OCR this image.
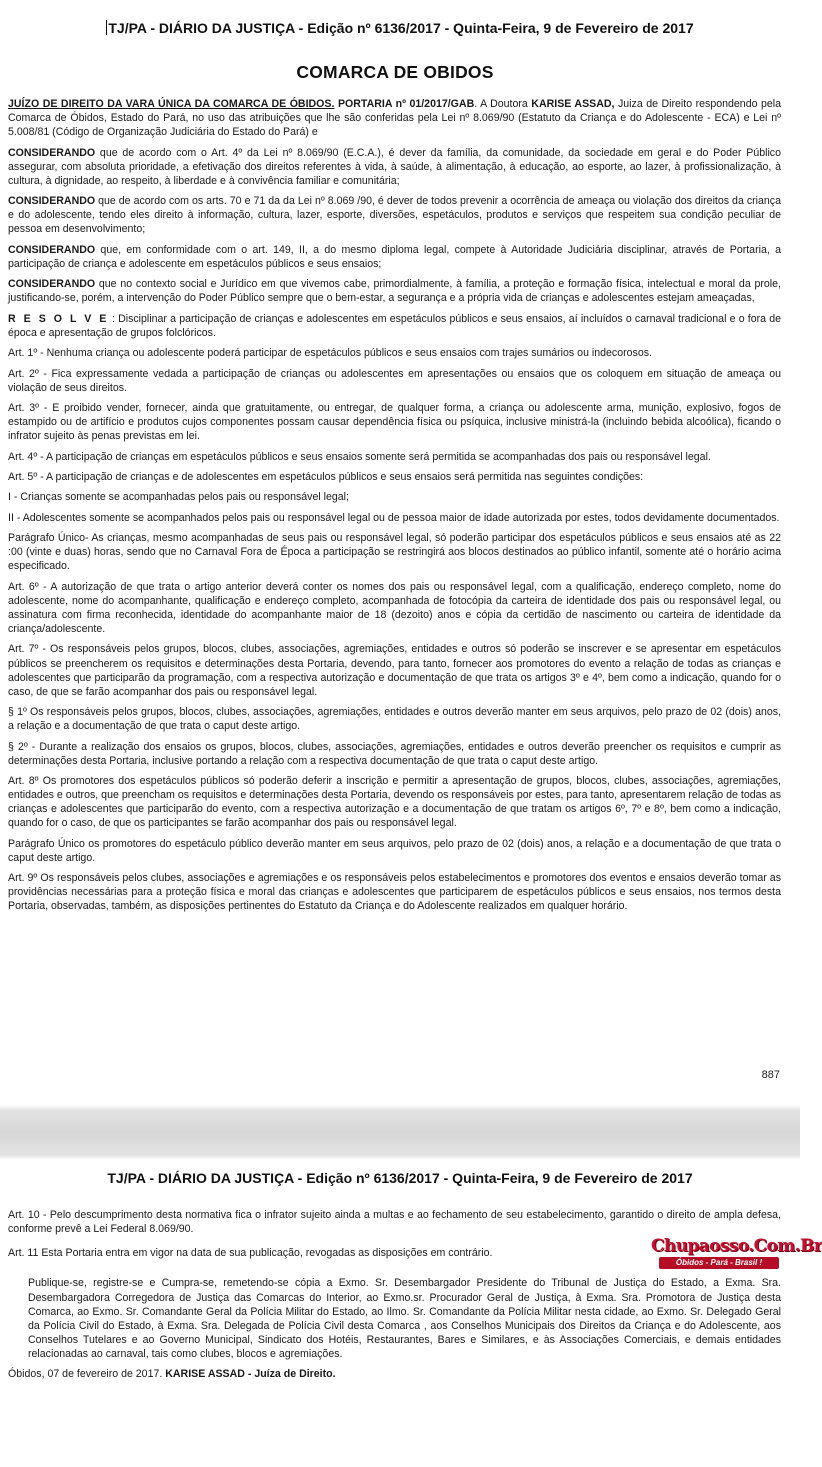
TJ/PA - DIÁRIO DA JUSTIÇA - Edição nº 6136/2017 - Quinta-Feira, 9 de Fevereiro de 2017
COMARCA DE OBIDOS

JUÍZO DE DIREITO DA VARA ÚNICA DA COMARCA DE ÓBIDOS. PORTARIA nº 01/2017/GAB. A Doutora KARISE ASSAD, Juiza de Direito respondendo pela Comarca de Óbidos, Estado do Pará, no uso das atribuições que lhe são conferidas pela Lei nº 8.069/90 (Estatuto da Criança e do Adolescente - ECA) e Lei nº 5.008/81 (Código de Organização Judiciária do Estado do Pará) e

CONSIDERANDO que de acordo com o Art. 4º da Lei nº 8.069/90 (E.C.A.), é dever da família, da comunidade, da sociedade em geral e do Poder Público assegurar, com absoluta prioridade, a efetivação dos direitos referentes à vida, à saúde, à alimentação, à educação, ao esporte, ao lazer, à profissionalização, à cultura, à dignidade, ao respeito, à liberdade e à convivência familiar e comunitária;

CONSIDERANDO que de acordo com os arts. 70 e 71 da da Lei nº 8.069 /90, é dever de todos prevenir a ocorrência de ameaça ou violação dos direitos da criança e do adolescente, tendo eles direito à informação, cultura, lazer, esporte, diversões, espetáculos, produtos e serviços que respeitem sua condição peculiar de pessoa em desenvolvimento;

CONSIDERANDO que, em conformidade com o art. 149, II, a do mesmo diploma legal, compete à Autoridade Judiciária disciplinar, através de Portaria, a participação de criança e adolescente em espetáculos públicos e seus ensaios;

CONSIDERANDO que no contexto social e Jurídico em que vivemos cabe, primordialmente, à família, a proteção e formação física, intelectual e moral da prole, justificando-se, porém, a intervenção do Poder Público sempre que o bem-estar, a segurança e a própria vida de crianças e adolescentes estejam ameaçadas,

R E S O L V E : Disciplinar a participação de crianças e adolescentes em espetáculos públicos e seus ensaios, aí incluídos o carnaval tradicional e o fora de época e apresentação de grupos folclóricos.

Art. 1º - Nenhuma criança ou adolescente poderá participar de espetáculos públicos e seus ensaios com trajes sumários ou indecorosos.

Art. 2º - Fica expressamente vedada a participação de crianças ou adolescentes em apresentações ou ensaios que os coloquem em situação de ameaça ou violação de seus direitos.

Art. 3º - E proibido vender, fornecer, ainda que gratuitamente, ou entregar, de qualquer forma, a criança ou adolescente arma, munição, explosivo, fogos de estampido ou de artifício e produtos cujos componentes possam causar dependência física ou psíquica, inclusive ministrá-la (incluindo bebida alcoólica), ficando o infrator sujeito às penas previstas em lei.

Art. 4º - A participação de crianças em espetáculos públicos e seus ensaios somente será permitida se acompanhadas dos pais ou responsável legal.

Art. 5º - A participação de crianças e de adolescentes em espetáculos públicos e seus ensaios será permitida nas seguintes condições:

I - Crianças somente se acompanhadas pelos pais ou responsável legal;

II - Adolescentes somente se acompanhados pelos pais ou responsável legal ou de pessoa maior de idade autorizada por estes, todos devidamente documentados.

Parágrafo Único- As crianças, mesmo acompanhadas de seus pais ou responsável legal, só poderão participar dos espetáculos públicos e seus ensaios até as 22 :00 (vinte e duas) horas, sendo que no Carnaval Fora de Época a participação se restringirá aos blocos destinados ao público infantil, somente até o horário acima especificado.

Art. 6º - A autorização de que trata o artigo anterior deverá conter os nomes dos pais ou responsável legal, com a qualificação, endereço completo, nome do adolescente, nome do acompanhante, qualificação e endereço completo, acompanhada de fotocópia da carteira de identidade dos pais ou responsável legal, ou assinatura com firma reconhecida, identidade do acompanhante maior de 18 (dezoito) anos e cópia da certidão de nascimento ou carteira de identidade da criança/adolescente.

Art. 7º - Os responsáveis pelos grupos, blocos, clubes, associações, agremiações, entidades e outros só poderão se inscrever e se apresentar em espetáculos públicos se preencherem os requisitos e determinações desta Portaria, devendo, para tanto, fornecer aos promotores do evento a relação de todas as crianças e adolescentes que participarão da programação, com a respectiva autorização e documentação de que trata os artigos 3º e 4º, bem como a indicação, quando for o caso, de que se farão acompanhar dos pais ou responsável legal.

§ 1º Os responsáveis pelos grupos, blocos, clubes, associações, agremiações, entidades e outros deverão manter em seus arquivos, pelo prazo de 02 (dois) anos, a relação e a documentação de que trata o caput deste artigo.

§ 2º - Durante a realização dos ensaios os grupos, blocos, clubes, associações, agremiações, entidades e outros deverão preencher os requisitos e cumprir as determinações desta Portaria, inclusive portando a relação com a respectiva documentação de que trata o caput deste artigo.

Art. 8º Os promotores dos espetáculos públicos só poderão deferir a inscrição e permitir a apresentação de grupos, blocos, clubes, associações, agremiações, entidades e outros, que preencham os requisitos e determinações desta Portaria, devendo os responsáveis por estes, para tanto, apresentarem relação de todas as crianças e adolescentes que participarão do evento, com a respectiva autorização e a documentação de que tratam os artigos 6º, 7º e 8º, bem como a indicação, quando for o caso, de que os participantes se farão acompanhar dos pais ou responsável legal.

Parágrafo Único os promotores do espetáculo público deverão manter em seus arquivos, pelo prazo de 02 (dois) anos, a relação e a documentação de que trata o caput deste artigo.

Art. 9º Os responsáveis pelos clubes, associações e agremiações e os responsáveis pelos estabelecimentos e promotores dos eventos e ensaios deverão tomar as providências necessárias para a proteção física e moral das crianças e adolescentes que participarem de espetáculos públicos e seus ensaios, nos termos desta Portaria, observadas, também, as disposições pertinentes do Estatuto da Criança e do Adolescente realizados em qualquer horário.

887
TJ/PA - DIÁRIO DA JUSTIÇA - Edição nº 6136/2017 - Quinta-Feira, 9 de Fevereiro de 2017

Art. 10 - Pelo descumprimento desta normativa fica o infrator sujeito ainda a multas e ao fechamento de seu estabelecimento, garantido o direito de ampla defesa, conforme prevê a Lei Federal 8.069/90.

Art. 11 Esta Portaria entra em vigor na data de sua publicação, revogadas as disposições em contrário.	Chupaosso.Com.Br
Óbidos - Pará - Brasil !

Publique-se, registre-se e Cumpra-se, remetendo-se cópia a Exmo. Sr. Desembargador Presidente do Tribunal de Justiça do Estado, a Exma. Sra. Desembargadora Corregedora de Justiça das Comarcas do Interior, ao Exmo.sr. Procurador Geral de Justiça, à Exma. Sra. Promotora de Justiça desta Comarca, ao Exmo. Sr. Comandante Geral da Polícia Militar do Estado, ao Ilmo. Sr. Comandante da Polícia Militar nesta cidade, ao Exmo. Sr. Delegado Geral da Polícia Civil do Estado, à Exma. Sra. Delegada de Polícia Civil desta Comarca , aos Conselhos Municipais dos Direitos da Criança e do Adolescente, aos Conselhos Tutelares e ao Governo Municipal, Sindicato dos Hotéis, Restaurantes, Bares e Similares, e às Associações Comerciais, e demais entidades relacionadas ao carnaval, tais como clubes, blocos e agremiações.

Óbidos, 07 de fevereiro de 2017. KARISE ASSAD - Juíza de Direito.
